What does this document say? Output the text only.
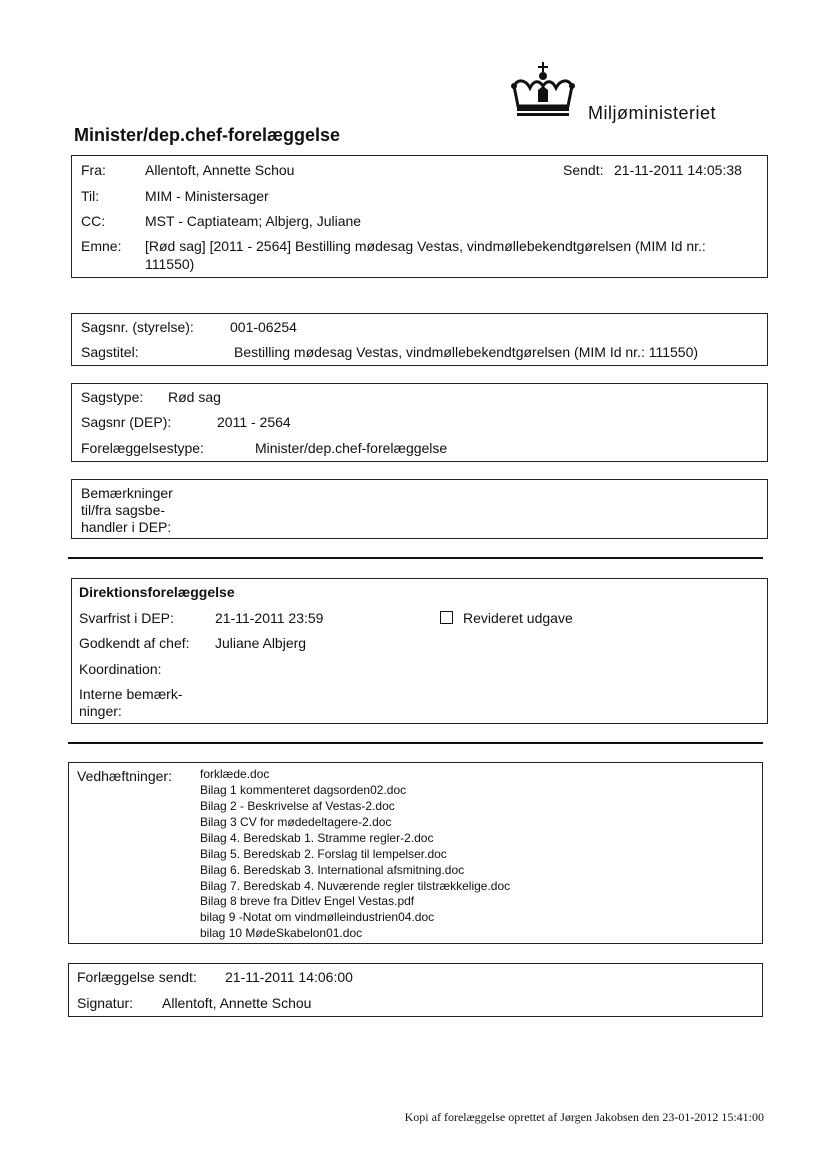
Miljøministeriet
Minister/dep.chef-forelæggelse
Fra:	Allentoft, Annette Schou	Sendt: 21-11-2011 14:05:38
Til:	MIM - Ministersager
CC:	MST - Captiateam; Albjerg, Juliane
Emne: [Rød sag] [2011 - 2564] Bestilling mødesag Vestas, vindmøllebekendtgørelsen (MIM Id nr.:
111550)
Sagsnr. (styrelse):	001-06254
Sagstitel:	Bestilling mødesag Vestas, vindmøllebekendtgørelsen (MIM Id nr.: 111550)
Sagstype: Rød sag
Sagsnr (DEP):	2011 - 2564
Forelæggelsestype:	Minister/dep.chef-forelæggelse
Bemærkninger
til/fra sagsbe-
handler i DEP:
Direktionsforelæggelse
Svarfrist i DEP:	21-11-2011 23:59	Revideret udgave
Godkendt af chef: Juliane Albjerg
Koordination:
Interne bemærk-
ninger:
Vedhæftninger: forklæde.doc
Bilag 1 kommenteret dagsorden02.doc
Bilag 2 - Beskrivelse af Vestas-2.doc
Bilag 3 CV for mødedeltagere-2.doc
Bilag 4. Beredskab 1. Stramme regler-2.doc
Bilag 5. Beredskab 2. Forslag til lempelser.doc
Bilag 6. Beredskab 3. International afsmitning.doc
Bilag 7. Beredskab 4. Nuværende regler tilstrækkelige.doc
Bilag 8 breve fra Ditlev Engel Vestas.pdf
bilag 9 -Notat om vindmølleindustrien04.doc
bilag 10 MødeSkabelon01.doc
Forlæggelse sendt: 21-11-2011 14:06:00
Signatur: Allentoft, Annette Schou
Kopi af forelæggelse oprettet af Jørgen Jakobsen den 23-01-2012 15:41:00
